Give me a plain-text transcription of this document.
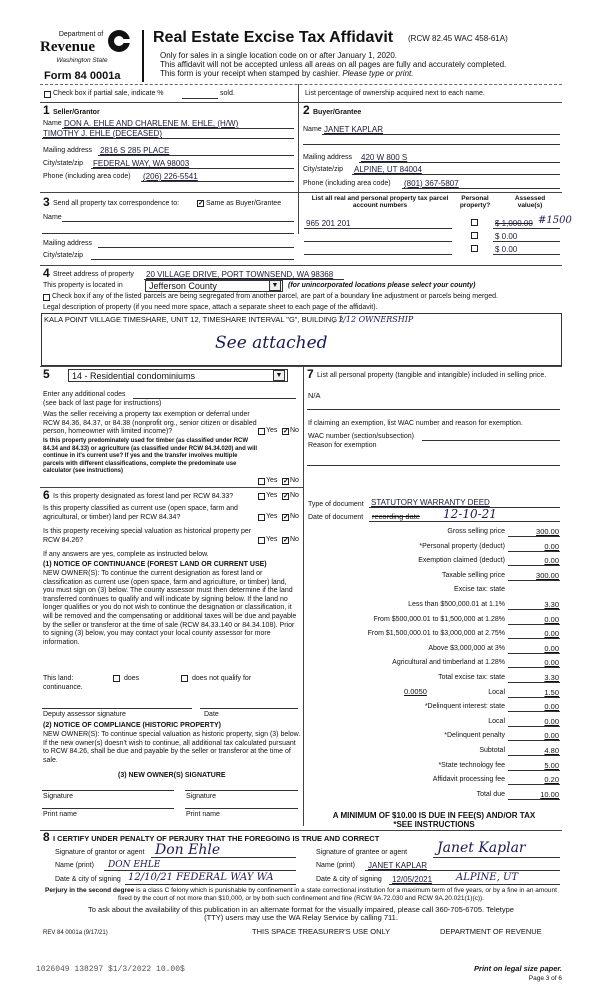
Department of
Revenue
Washington State
Form 84 0001a
Real Estate Excise Tax Affidavit (RCW 82.45 WAC 458-61A)
Only for sales in a single location code on or after January 1, 2020.
This affidavit will not be accepted unless all areas on all pages are fully and accurately completed.
This form is your receipt when stamped by cashier. Please type or print.
Check box if partial sale, indicate %	sold.	List percentage of ownership acquired next to each name.
1 Seller/Grantor
Name DON A. EHLE AND CHARLENE M. EHLE, (H/W)
TIMOTHY J. EHLE (DECEASED)
Mailing address 2816 S 285 PLACE
City/state/zip FEDERAL WAY, WA 98003
Phone (including area code) (206) 226-5541
2 Buyer/Grantee
Name JANET KAPLAR
Mailing address 420 W 800 S
City/state/zip ALPINE, UT 84004
Phone (including area code) (801) 367-5807
3 Send all property tax correspondence to:	✓ Same as Buyer/Grantee
Name
Mailing address
City/state/zip
List all real and personal property tax parcel account numbers
Personal property?
Assessed value(s)
965 201 201	$ 1,000.00 #1500
$ 0.00
$ 0.00
4 Street address of property 20 VILLAGE DRIVE, PORT TOWNSEND, WA 98368
This property is located in	Jefferson County	▼	(for unincorporated locations please select your county)
Check box if any of the listed parcels are being segregated from another parcel, are part of a boundary line adjustment or parcels being merged.
Legal description of property (if you need more space, attach a separate sheet to each page of the affidavit).
KALA POINT VILLAGE TIMESHARE, UNIT 12, TIMESHARE INTERVAL "G", BUILDING 2
, 1/12 OWNERSHIP
See attached
5	14 - Residential condominiums	▼
Enter any additional codes
(see back of last page for instructions)
Was the seller receiving a property tax exemption or deferral under RCW 84.36, 84.37, or 84.38 (nonprofit org., senior citizen or disabled person, homeowner with limited income)?	Yes ✓ No
Is this property predominately used for timber (as classified under RCW 84.34 and 84.33) or agriculture (as classified under RCW 84.34.020) and will continue in it's current use? If yes and the transfer involves multiple parcels with different classifications, complete the predominate use calculator (see instructions)
Yes ✓ No
6 Is this property designated as forest land per RCW 84.33?	Yes ✓ No
Is this property classified as current use (open space, farm and agricultural, or timber) land per RCW 84.34?	Yes ✓ No
Is this property receiving special valuation as historical property per RCW 84.26?	Yes ✓ No
If any answers are yes, complete as instructed below.
(1) NOTICE OF CONTINUANCE (FOREST LAND OR CURRENT USE)
NEW OWNER(S): To continue the current designation as forest land or classification as current use (open space, farm and agriculture, or timber) land, you must sign on (3) below. The county assessor must then determine if the land transferred continues to qualify and will indicate by signing below. If the land no longer qualifies or you do not wish to continue the designation or classification, it will be removed and the compensating or additional taxes will be due and payable by the seller or transferor at the time of sale (RCW 84.33.140 or 84.34.108). Prior to signing (3) below, you may contact your local county assessor for more information.
This land:	does	does not qualify for
continuance.
Deputy assessor signature	Date
(2) NOTICE OF COMPLIANCE (HISTORIC PROPERTY)
NEW OWNER(S): To continue special valuation as historic property, sign (3) below. If the new owner(s) doesn't wish to continue, all additional tax calculated pursuant to RCW 84.26, shall be due and payable by the seller or transferor at the time of sale.
(3) NEW OWNER(S) SIGNATURE
Signature	Signature
Print name	Print name
7 List all personal property (tangible and intangible) included in selling price.
N/A
If claiming an exemption, list WAC number and reason for exemption.
WAC number (section/subsection)
Reason for exemption
Type of document STATUTORY WARRANTY DEED
Date of document recording date 12-10-21
Gross selling price	300.00
*Personal property (deduct)	0.00
Exemption claimed (deduct)	0.00
Taxable selling price	300.00
Excise tax: state
Less than $500,000.01 at 1.1%	3.30
From $500,000.01 to $1,500,000 at 1.28%	0.00
From $1,500,000.01 to $3,000,000 at 2.75%	0.00
Above $3,000,000 at 3%	0.00
Agricultural and timberland at 1.28%	0.00
Total excise tax: state	3.30
Local
0.0050	1.50
*Delinquent interest: state	0.00
Local	0.00
*Delinquent penalty	0.00
Subtotal	4.80
*State technology fee	5.00
Affidavit processing fee	0.20
Total due	10.00
A MINIMUM OF $10.00 IS DUE IN FEE(S) AND/OR TAX
*SEE INSTRUCTIONS
8 I CERTIFY UNDER PENALTY OF PERJURY THAT THE FOREGOING IS TRUE AND CORRECT
Signature of grantor or agent Don Ehle
Name (print) DON EHLE
Date & city of signing 12/10/21 FEDERAL WAY WA
Signature of grantee or agent Janet Kaplar
Name (print) JANET KAPLAR
Date & city of signing 12/05/2021 ALPINE, UT
Perjury in the second degree is a class C felony which is punishable by confinement in a state correctional institution for a maximum term of five years, or by a fine in an amount fixed by the court of not more than $10,000, or by both such confinement and fine (RCW 9A.72.030 and RCW 9A.20.021(1)(c)).
To ask about the availability of this publication in an alternate format for the visually impaired, please call 360-705-6705. Teletype
(TTY) users may use the WA Relay Service by calling 711.
REV 84 0001a (9/17/21)	THIS SPACE TREASURER'S USE ONLY	DEPARTMENT OF REVENUE
1026049 138297 $1/3/2022 10.00$	Print on legal size paper.
Page 3 of 6
